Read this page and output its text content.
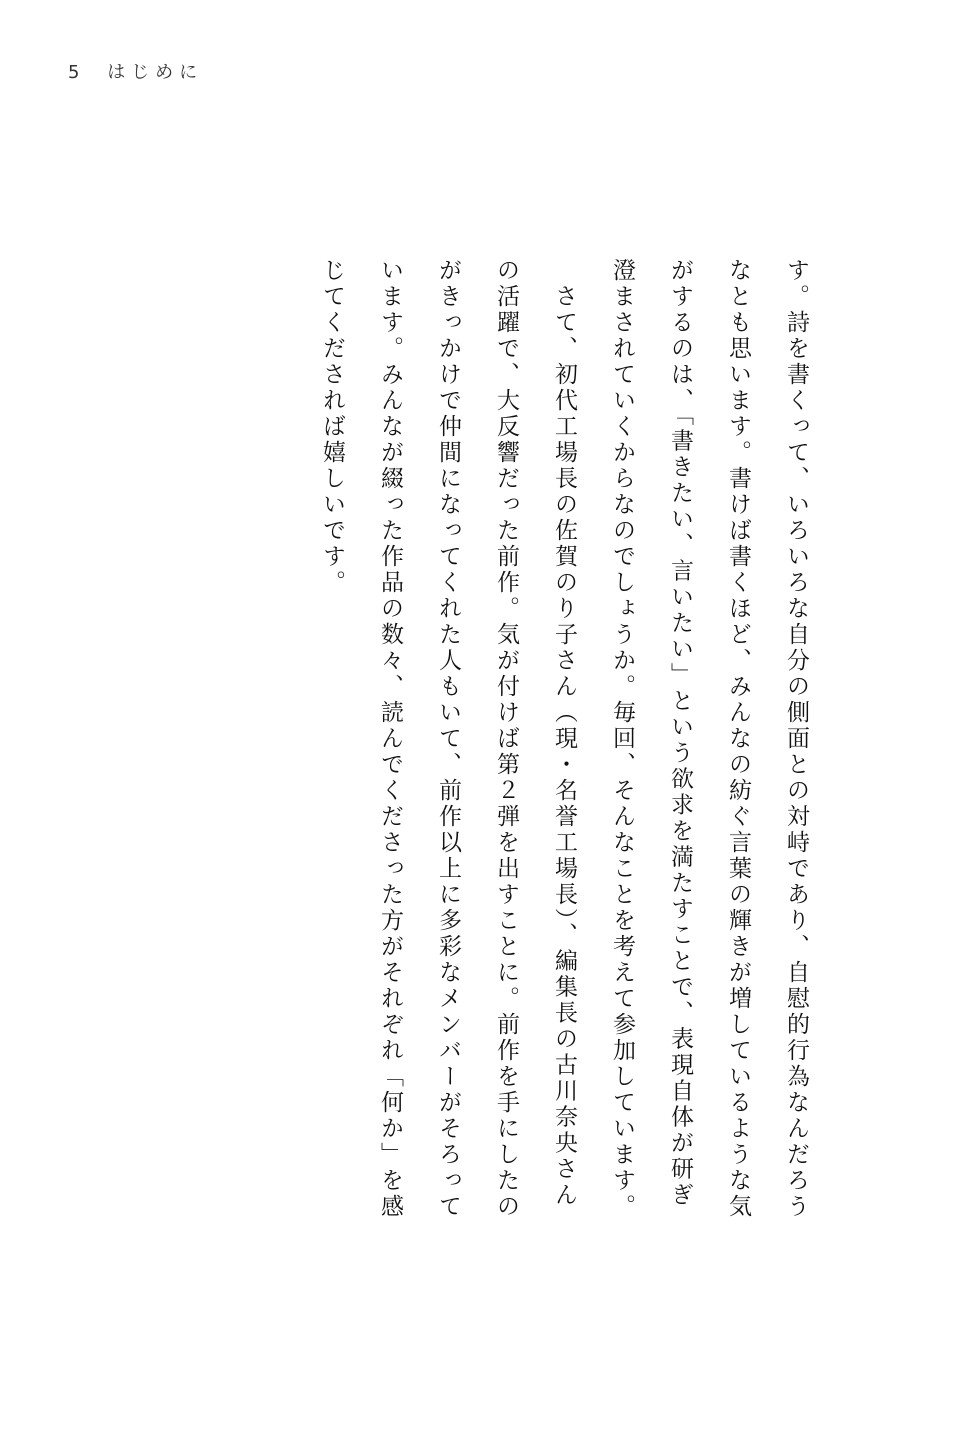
5 はじめに
す。詩を書くって、いろいろな自分の側面との対峙であり、自慰的行為なんだろう
なとも思います。書けば書くほど、みんなの紡ぐ言葉の輝きが増しているような気
がするのは、「書きたい、言いたい」という欲求を満たすことで、表現自体が研ぎ
澄まされていくからなのでしょうか。毎回、そんなことを考えて参加しています。
　さて、初代工場長の佐賀のり子さん（現・名誉工場長）、編集長の古川奈央さん
の活躍で、大反響だった前作。気が付けば第２弾を出すことに。前作を手にしたの
がきっかけで仲間になってくれた人もいて、前作以上に多彩なメンバーがそろって
います。みんなが綴った作品の数々、読んでくださった方がそれぞれ「何か」を感
じてくだされば嬉しいです。
